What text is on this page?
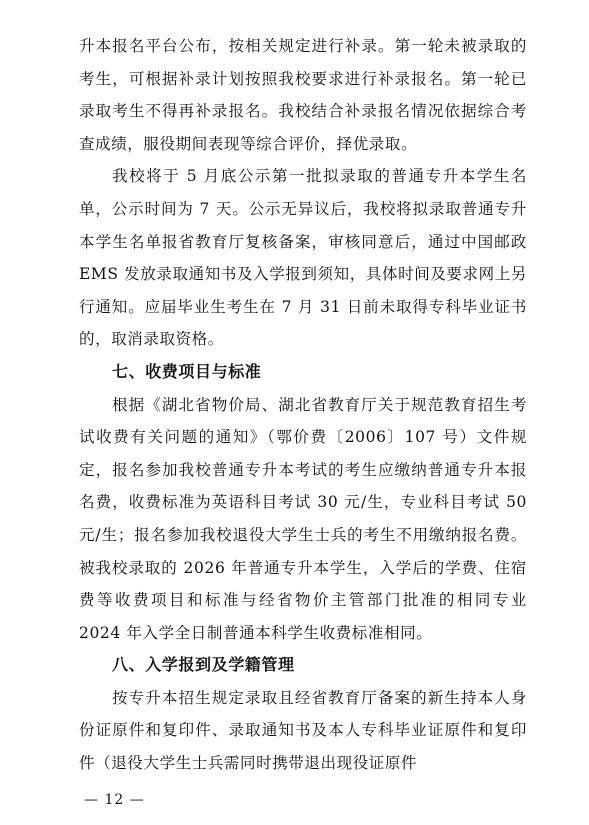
升本报名平台公布，按相关规定进行补录。第一轮未被录取的考生，可根据补录计划按照我校要求进行补录报名。第一轮已录取考生不得再补录报名。我校结合补录报名情况依据综合考查成绩，服役期间表现等综合评价，择优录取。

我校将于 5 月底公示第一批拟录取的普通专升本学生名单，公示时间为 7 天。公示无异议后，我校将拟录取普通专升本学生名单报省教育厅复核备案，审核同意后，通过中国邮政 EMS 发放录取通知书及入学报到须知，具体时间及要求网上另行通知。应届毕业生考生在 7 月 31 日前未取得专科毕业证书的，取消录取资格。

七、收费项目与标准

根据《湖北省物价局、湖北省教育厅关于规范教育招生考试收费有关问题的通知》（鄂价费〔2006〕107 号）文件规定，报名参加我校普通专升本考试的考生应缴纳普通专升本报名费，收费标准为英语科目考试 30 元/生，专业科目考试 50 元/生；报名参加我校退役大学生士兵的考生不用缴纳报名费。被我校录取的 2026 年普通专升本学生，入学后的学费、住宿费等收费项目和标准与经省物价主管部门批准的相同专业 2024 年入学全日制普通本科学生收费标准相同。

八、入学报到及学籍管理

按专升本招生规定录取且经省教育厅备案的新生持本人身份证原件和复印件、录取通知书及本人专科毕业证原件和复印件（退役大学生士兵需同时携带退出现役证原件

— 12 —
